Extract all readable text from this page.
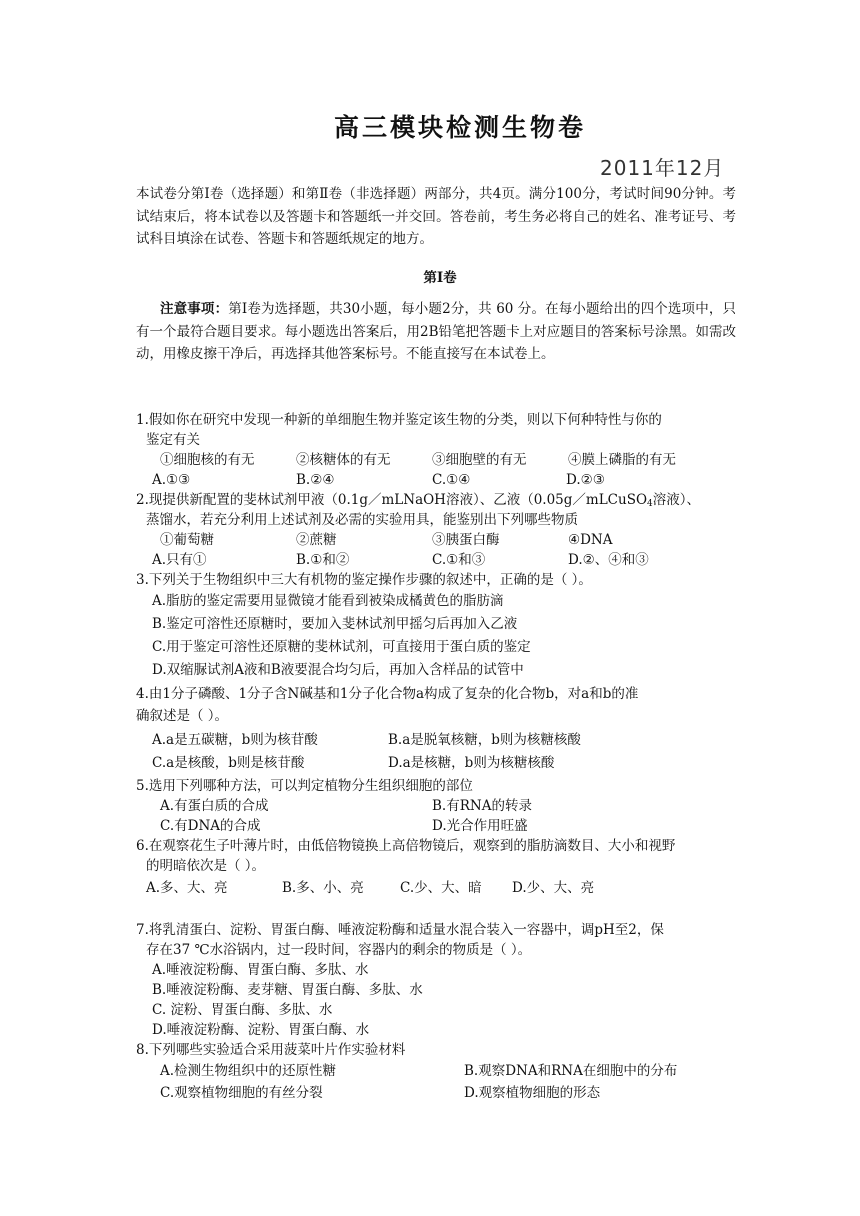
高三模块检测生物卷
2011年12月
本试卷分第Ⅰ卷（选择题）和第Ⅱ卷（非选择题）两部分，共4页。满分100分，考试时间90分钟。考试结束后，将本试卷以及答题卡和答题纸一并交回。答卷前，考生务必将自己的姓名、准考证号、考试科目填涂在试卷、答题卡和答题纸规定的地方。
第Ⅰ卷
注意事项：第Ⅰ卷为选择题，共30小题，每小题2分，共 60 分。在每小题给出的四个选项中，只有一个最符合题目要求。每小题选出答案后，用2B铅笔把答题卡上对应题目的答案标号涂黑。如需改动，用橡皮擦干净后，再选择其他答案标号。不能直接写在本试卷上。
1.假如你在研究中发现一种新的单细胞生物并鉴定该生物的分类，则以下何种特性与你的
鉴定有关
①细胞核的有无	②核糖体的有无	③细胞壁的有无	④膜上磷脂的有无
A.①③	B.②④	C.①④	D.②③
2.现提供新配置的斐林试剂甲液（0.1g／mLNaOH溶液）、乙液（0.05g／mLCuSO$_4$溶液）、
蒸馏水，若充分利用上述试剂及必需的实验用具，能鉴别出下列哪些物质
①葡萄糖	②蔗糖	③胰蛋白酶	④DNA
A.只有①	B.①和②	C.①和③	D.②、④和③
3.下列关于生物组织中三大有机物的鉴定操作步骤的叙述中，正确的是（ ）。
A.脂肪的鉴定需要用显微镜才能看到被染成橘黄色的脂肪滴
B.鉴定可溶性还原糖时，要加入斐林试剂甲摇匀后再加入乙液
C.用于鉴定可溶性还原糖的斐林试剂，可直接用于蛋白质的鉴定
D.双缩脲试剂A液和B液要混合均匀后，再加入含样品的试管中
4.由1分子磷酸、1分子含N碱基和1分子化合物a构成了复杂的化合物b，对a和b的准
确叙述是（ ）。
A.a是五碳糖，b则为核苷酸	B.a是脱氧核糖，b则为核糖核酸
C.a是核酸，b则是核苷酸	D.a是核糖，b则为核糖核酸
5.选用下列哪种方法，可以判定植物分生组织细胞的部位
A.有蛋白质的合成	B.有RNA的转录
C.有DNA的合成	D.光合作用旺盛
6.在观察花生子叶薄片时，由低倍物镜换上高倍物镜后，观察到的脂肪滴数目、大小和视野
的明暗依次是（ ）。
A.多、大、亮	B.多、小、亮	C.少、大、暗 D.少、大、亮
7.将乳清蛋白、淀粉、胃蛋白酶、唾液淀粉酶和适量水混合装入一容器中，调pH至2，保
存在37 ℃水浴锅内，过一段时间，容器内的剩余的物质是（ ）。
A.唾液淀粉酶、胃蛋白酶、多肽、水
B.唾液淀粉酶、麦芽糖、胃蛋白酶、多肽、水
C. 淀粉、胃蛋白酶、多肽、水
D.唾液淀粉酶、淀粉、胃蛋白酶、水
8.下列哪些实验适合采用菠菜叶片作实验材料
A.检测生物组织中的还原性糖	B.观察DNA和RNA在细胞中的分布
C.观察植物细胞的有丝分裂	D.观察植物细胞的形态
